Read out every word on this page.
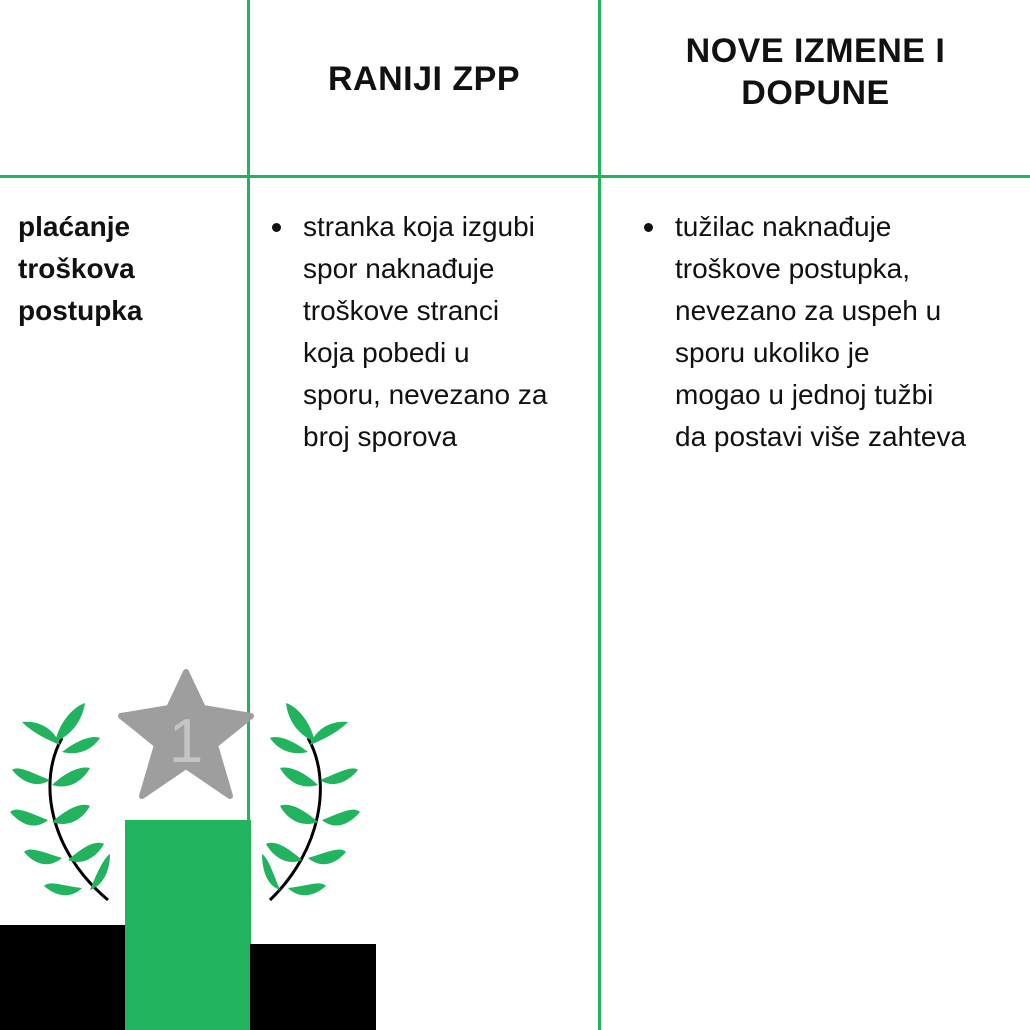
RANIJI ZPP
NOVE IZMENE I
DOPUNE
plaćanje
troškova
postupka
stranka koja izgubi
spor naknađuje
troškove stranci
koja pobedi u
sporu, nevezano za
broj sporova
tužilac naknađuje
troškove postupka,
nevezano za uspeh u
sporu ukoliko je
mogao u jednoj tužbi
da postavi više zahteva
1
